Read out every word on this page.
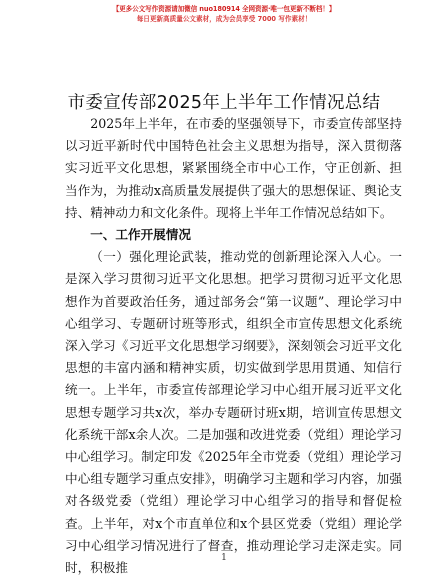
【更多公文写作资源请加微信 nuo180914 全网资源·唯一包更新不断档！】
每日更新高质量公文素材，成为会员享受 7000 写作素材！
市委宣传部2025年上半年工作情况总结

2025年上半年，在市委的坚强领导下，市委宣传部坚持以习近平新时代中国特色社会主义思想为指导，深入贯彻落实习近平文化思想，紧紧围绕全市中心工作，守正创新、担当作为，为推动x高质量发展提供了强大的思想保证、舆论支持、精神动力和文化条件。现将上半年工作情况总结如下。

一、工作开展情况

（一）强化理论武装，推动党的创新理论深入人心。一是深入学习贯彻习近平文化思想。把学习贯彻习近平文化思想作为首要政治任务，通过部务会“第一议题”、理论学习中心组学习、专题研讨班等形式，组织全市宣传思想文化系统深入学习《习近平文化思想学习纲要》，深刻领会习近平文化思想的丰富内涵和精神实质，切实做到学思用贯通、知信行统一。上半年，市委宣传部理论学习中心组开展习近平文化思想专题学习共x次，举办专题研讨班x期，培训宣传思想文化系统干部x余人次。二是加强和改进党委（党组）理论学习中心组学习。制定印发《2025年全市党委（党组）理论学习中心组专题学习重点安排》，明确学习主题和学习内容，加强对各级党委（党组）理论学习中心组学习的指导和督促检查。上半年，对x个市直单位和x个县区党委（党组）理论学习中心组学习情况进行了督查，推动理论学习走深走实。同时，积极推

1
